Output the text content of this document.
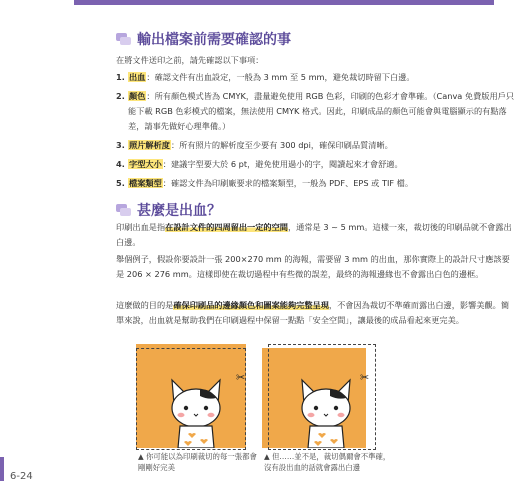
輸出檔案前需要確認的事
在將文件送印之前，請先確認以下事項：
1. 出血：確認文件有出血設定，一般為 3 mm 至 5 mm，避免裁切時留下白邊。
2. 顏色：所有顏色模式皆為 CMYK，盡量避免使用 RGB 色彩，印刷的色彩才會準確。（Canva 免費版用戶只能下載 RGB 色彩模式的檔案，無法使用 CMYK 格式。因此，印刷成品的顏色可能會與電腦顯示的有點落差，請事先做好心理準備。）
3. 照片解析度：所有照片的解析度至少要有 300 dpi，確保印刷品質清晰。
4. 字型大小：建議字型要大於 6 pt，避免使用過小的字，閱讀起來才會舒適。
5. 檔案類型：確認文件為印刷廠要求的檔案類型，一般為 PDF、EPS 或 TIF 檔。
甚麼是出血？
印刷出血是指在設計文件的四周留出一定的空間，通常是 3 ~ 5 mm。這樣一來，裁切後的印刷品就不會露出白邊。
舉個例子，假設你要設計一張 200×270 mm 的海報，需要留 3 mm 的出血，那你實際上的設計尺寸應該要是 206 × 276 mm。這樣即使在裁切過程中有些微的誤差，最終的海報邊緣也不會露出白色的邊框。
這麼做的目的是確保印刷品的邊緣顏色和圖案能夠完整呈現，不會因為裁切不準確而露出白邊，影響美觀。簡單來說，出血就是幫助我們在印刷過程中保留一點點「安全空間」，讓最後的成品看起來更完美。
✂
▲ 你可能以為印刷裁切的每一張都會剛剛好完美
✂
▲ 但……並不是，裁切偶爾會不準確，沒有設出血的話就會露出白邊
6-24
